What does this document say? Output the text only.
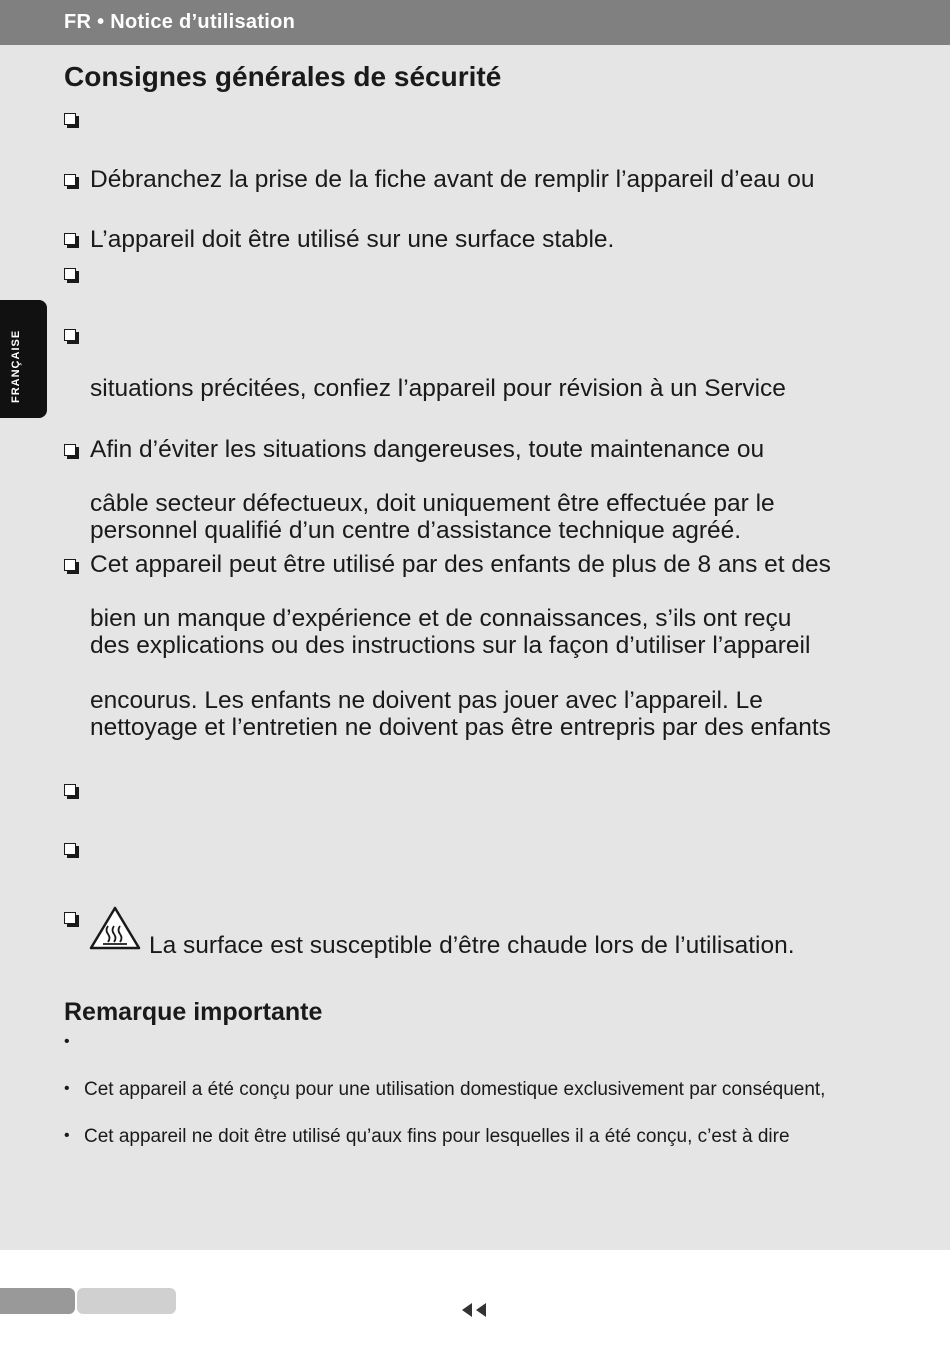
FR • Notice d’utilisation
FRANÇAISE
Consignes générales de sécurité
Débranchez la prise de la fiche avant de remplir l’appareil d’eau ou
L’appareil doit être utilisé sur une surface stable.
situations précitées, confiez l’appareil pour révision à un Service
Afin d’éviter les situations dangereuses, toute maintenance ou
câble secteur défectueux, doit uniquement être effectuée par le
personnel qualifié d’un centre d’assistance technique agréé.
Cet appareil peut être utilisé par des enfants de plus de 8 ans et des
bien un manque d’expérience et de connaissances, s’ils ont reçu
des explications ou des instructions sur la façon d’utiliser l’appareil
encourus. Les enfants ne doivent pas jouer avec l’appareil. Le
nettoyage et l’entretien ne doivent pas être entrepris par des enfants
La surface est susceptible d’être chaude lors de l’utilisation.
Remarque importante
•
• Cet appareil a été conçu pour une utilisation domestique exclusivement par conséquent,
• Cet appareil ne doit être utilisé qu’aux fins pour lesquelles il a été conçu, c’est à dire
